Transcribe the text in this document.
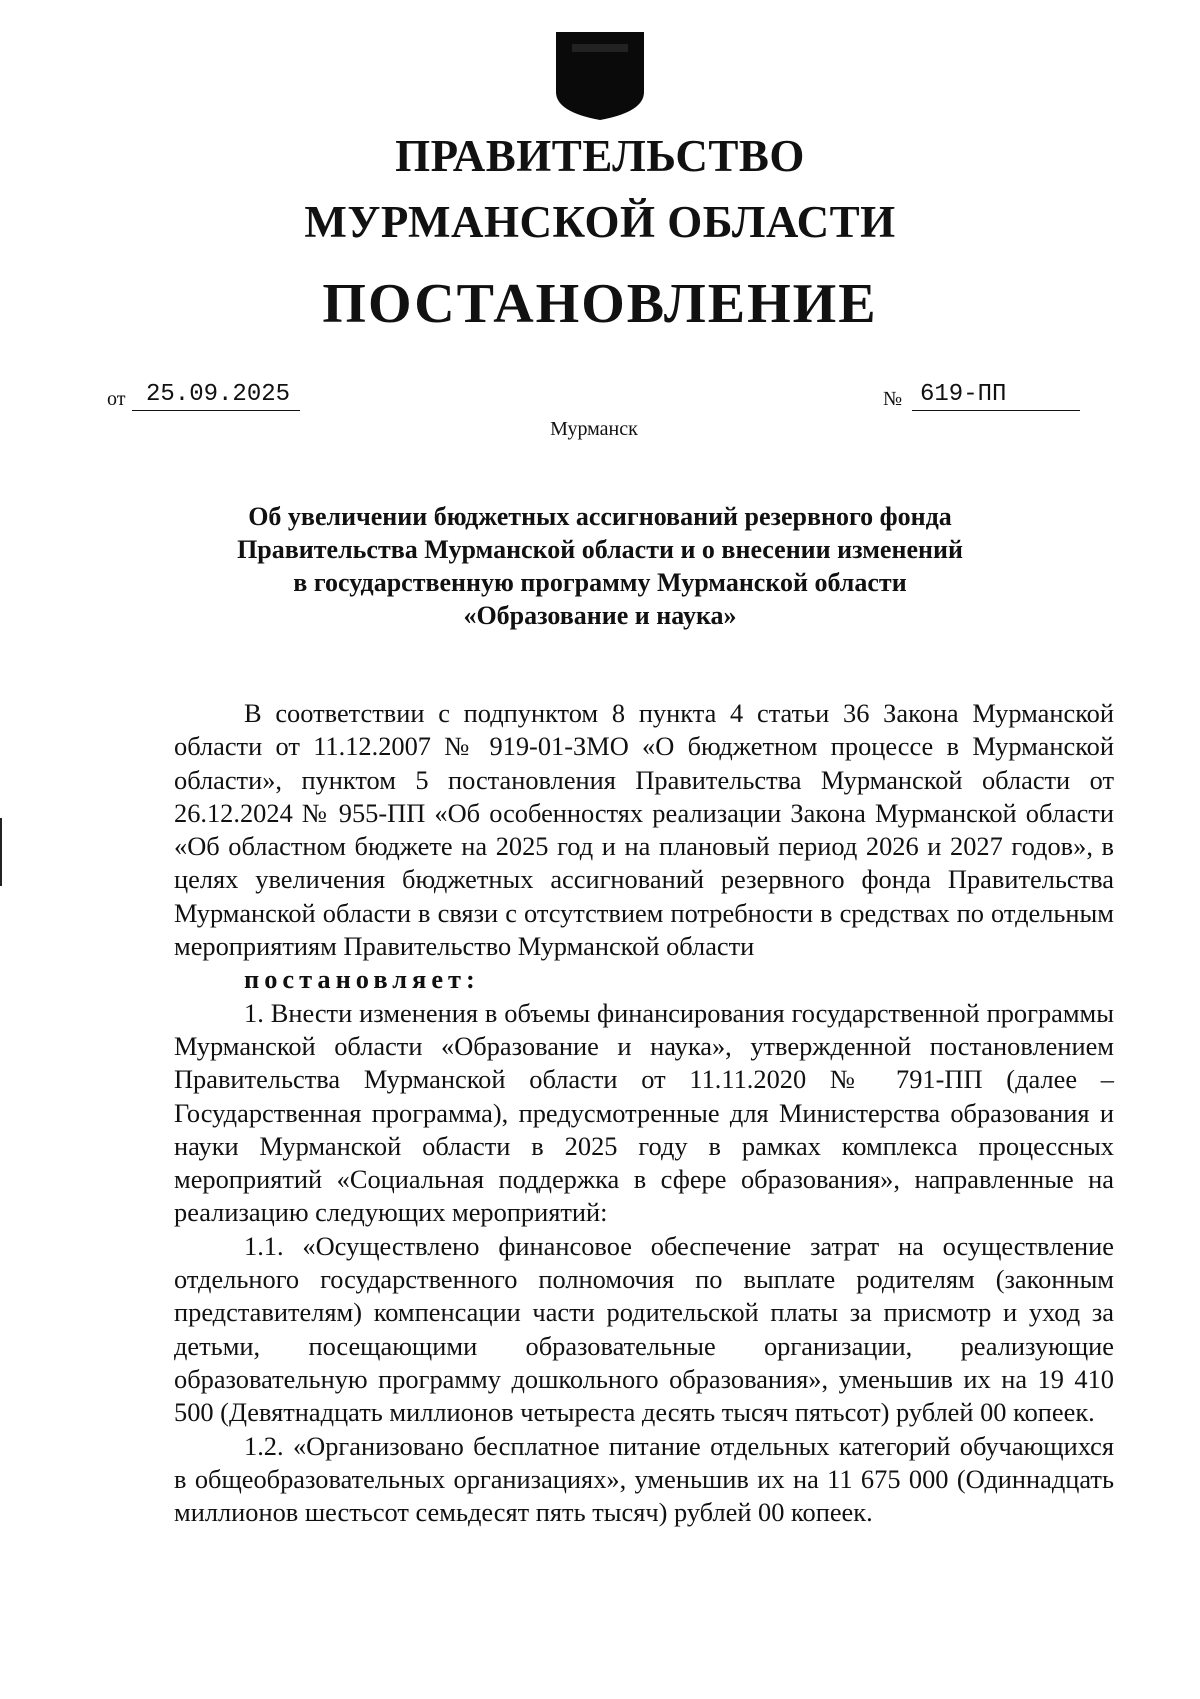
ПРАВИТЕЛЬСТВО
МУРМАНСКОЙ ОБЛАСТИ
ПОСТАНОВЛЕНИЕ
от 25.09.2025	№ 619-ПП
Мурманск
Об увеличении бюджетных ассигнований резервного фонда
Правительства Мурманской области и о внесении изменений
в государственную программу Мурманской области
«Образование и наука»

В соответствии с подпунктом 8 пункта 4 статьи 36 Закона Мурманской области от 11.12.2007 № 919-01-ЗМО «О бюджетном процессе в Мурманской области», пунктом 5 постановления Правительства Мурманской области от 26.12.2024 № 955-ПП «Об особенностях реализации Закона Мурманской области «Об областном бюджете на 2025 год и на плановый период 2026 и 2027 годов», в целях увеличения бюджетных ассигнований резервного фонда Правительства Мурманской области в связи с отсутствием потребности в средствах по отдельным мероприятиям Правительство Мурманской области

постановляет:

1. Внести изменения в объемы финансирования государственной программы Мурманской области «Образование и наука», утвержденной постановлением Правительства Мурманской области от 11.11.2020 № 791-ПП (далее – Государственная программа), предусмотренные для Министерства образования и науки Мурманской области в 2025 году в рамках комплекса процессных мероприятий «Социальная поддержка в сфере образования», направленные на реализацию следующих мероприятий:

1.1. «Осуществлено финансовое обеспечение затрат на осуществление отдельного государственного полномочия по выплате родителям (законным представителям) компенсации части родительской платы за присмотр и уход за детьми, посещающими образовательные организации, реализующие образовательную программу дошкольного образования», уменьшив их на 19 410 500 (Девятнадцать миллионов четыреста десять тысяч пятьсот) рублей 00 копеек.

1.2. «Организовано бесплатное питание отдельных категорий обучающихся в общеобразовательных организациях», уменьшив их на 11 675 000 (Одиннадцать миллионов шестьсот семьдесят пять тысяч) рублей 00 копеек.
